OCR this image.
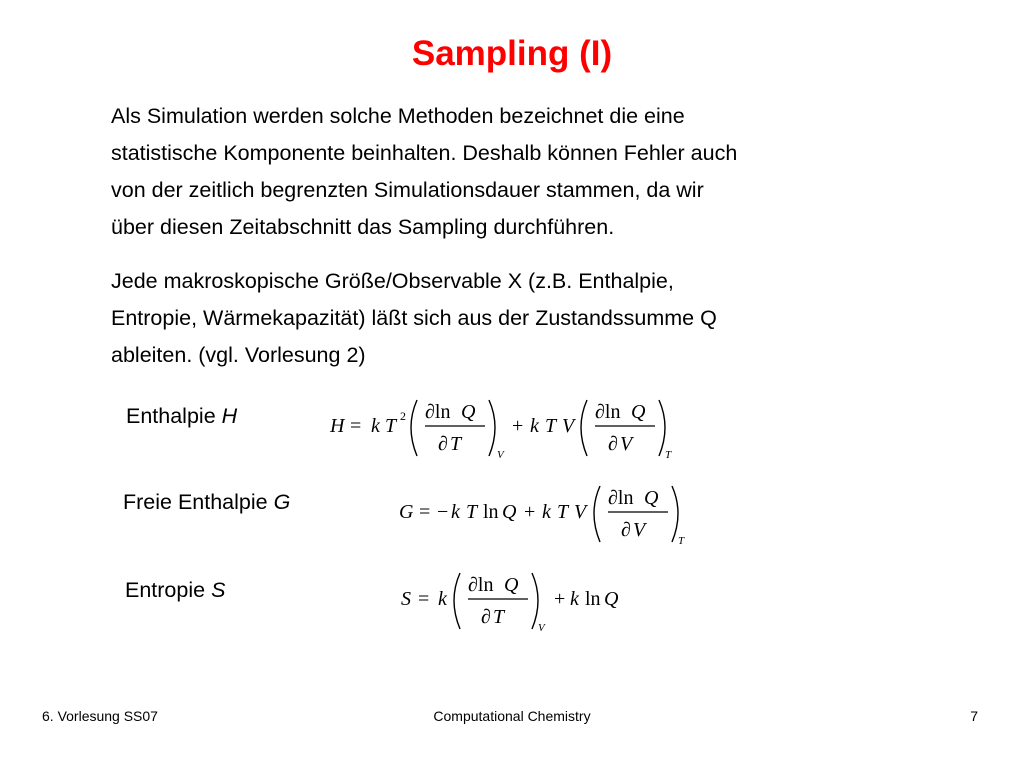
Sampling (I)
Als Simulation werden solche Methoden bezeichnet die eine
statistische Komponente beinhalten. Deshalb können Fehler auch
von der zeitlich begrenzten Simulationsdauer stammen, da wir
über diesen Zeitabschnitt das Sampling durchführen.
Jede makroskopische Größe/Observable X (z.B. Enthalpie,
Entropie, Wärmekapazität) läßt sich aus der Zustandssumme Q
ableiten. (vgl. Vorlesung 2)
Enthalpie H
Freie Enthalpie G
Entropie S
H = k T 2 ∂ln Q
∂ T	V
+ k T V
∂ln Q
∂ V	T
G = − k T ln Q + k T V
∂ln Q
∂ V	T
S = k
∂ln Q
∂ T	V
+ k ln Q
6. Vorlesung SS07	Computational Chemistry	7
